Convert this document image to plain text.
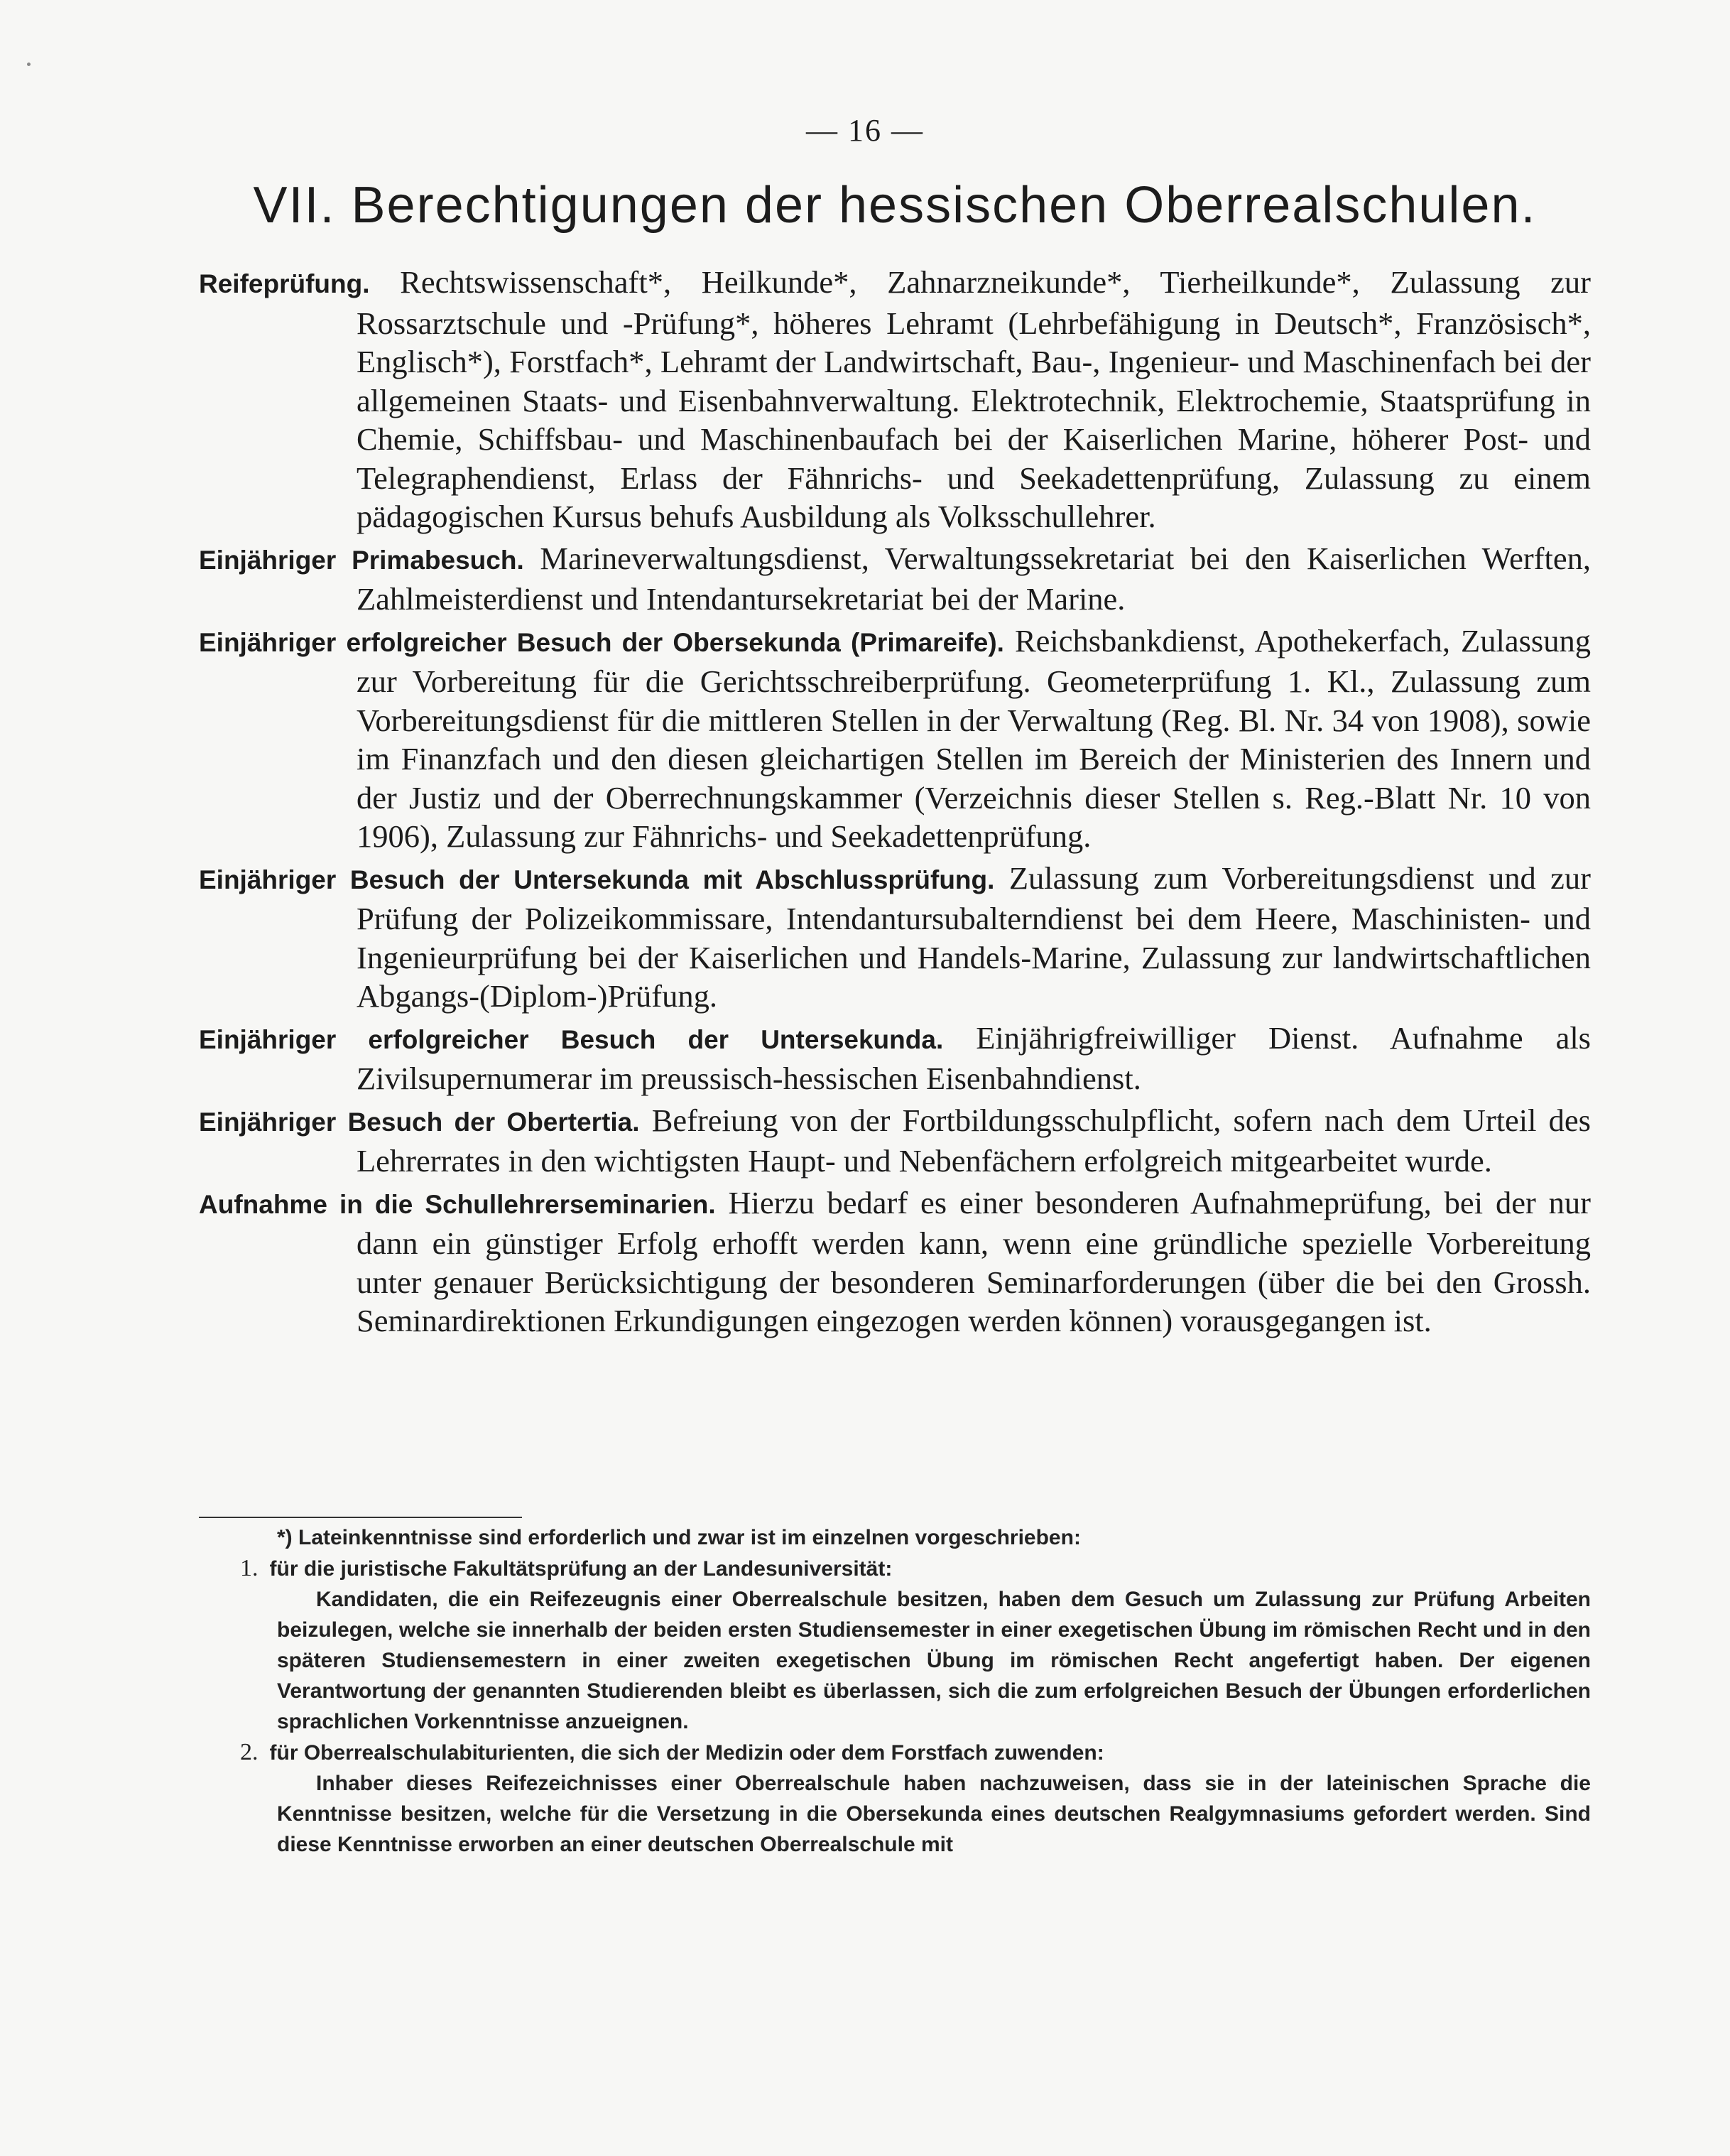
— 16 —
VII. Berechtigungen der hessischen Oberrealschulen.

Reifeprüfung. Rechtswissenschaft*, Heilkunde*, Zahnarzneikunde*, Tierheilkunde*, Zulassung zur Rossarztschule und -Prüfung*, höheres Lehramt (Lehrbefähigung in Deutsch*, Französisch*, Englisch*), Forstfach*, Lehramt der Landwirtschaft, Bau-, Ingenieur- und Maschinenfach bei der allgemeinen Staats- und Eisenbahnverwaltung. Elektrotechnik, Elektrochemie, Staatsprüfung in Chemie, Schiffsbau- und Maschinenbaufach bei der Kaiserlichen Marine, höherer Post- und Telegraphendienst, Erlass der Fähnrichs- und Seekadettenprüfung, Zulassung zu einem pädagogischen Kursus behufs Ausbildung als Volksschullehrer.

Einjähriger Primabesuch. Marineverwaltungsdienst, Verwaltungssekretariat bei den Kaiserlichen Werften, Zahlmeisterdienst und Intendantursekretariat bei der Marine.

Einjähriger erfolgreicher Besuch der Obersekunda (Primareife). Reichsbankdienst, Apothekerfach, Zulassung zur Vorbereitung für die Gerichtsschreiberprüfung. Geometerprüfung 1. Kl., Zulassung zum Vorbereitungsdienst für die mittleren Stellen in der Verwaltung (Reg. Bl. Nr. 34 von 1908), sowie im Finanzfach und den diesen gleichartigen Stellen im Bereich der Ministerien des Innern und der Justiz und der Oberrechnungskammer (Verzeichnis dieser Stellen s. Reg.-Blatt Nr. 10 von 1906), Zulassung zur Fähnrichs- und Seekadettenprüfung.

Einjähriger Besuch der Untersekunda mit Abschlussprüfung. Zulassung zum Vorbereitungsdienst und zur Prüfung der Polizeikommissare, Intendantursubalterndienst bei dem Heere, Maschinisten- und Ingenieurprüfung bei der Kaiserlichen und Handels-Marine, Zulassung zur landwirtschaftlichen Abgangs-(Diplom-)Prüfung.

Einjähriger erfolgreicher Besuch der Untersekunda. Einjährigfreiwilliger Dienst. Aufnahme als Zivilsupernumerar im preussisch-hessischen Eisenbahndienst.

Einjähriger Besuch der Obertertia. Befreiung von der Fortbildungsschulpflicht, sofern nach dem Urteil des Lehrerrates in den wichtigsten Haupt- und Nebenfächern erfolgreich mitgearbeitet wurde.

Aufnahme in die Schullehrerseminarien. Hierzu bedarf es einer besonderen Aufnahmeprüfung, bei der nur dann ein günstiger Erfolg erhofft werden kann, wenn eine gründliche spezielle Vorbereitung unter genauer Berücksichtigung der besonderen Seminarforderungen (über die bei den Grossh. Seminardirektionen Erkundigungen eingezogen werden können) vorausgegangen ist.

*) Lateinkenntnisse sind erforderlich und zwar ist im einzelnen vorgeschrieben:

1. für die juristische Fakultätsprüfung an der Landesuniversität:

Kandidaten, die ein Reifezeugnis einer Oberrealschule besitzen, haben dem Gesuch um Zulassung zur Prüfung Arbeiten beizulegen, welche sie innerhalb der beiden ersten Studiensemester in einer exegetischen Übung im römischen Recht und in den späteren Studiensemestern in einer zweiten exegetischen Übung im römischen Recht angefertigt haben. Der eigenen Verantwortung der genannten Studierenden bleibt es überlassen, sich die zum erfolgreichen Besuch der Übungen erforderlichen sprachlichen Vorkenntnisse anzueignen.

2. für Oberrealschulabiturienten, die sich der Medizin oder dem Forstfach zuwenden:

Inhaber dieses Reifezeichnisses einer Oberrealschule haben nachzuweisen, dass sie in der lateinischen Sprache die Kenntnisse besitzen, welche für die Versetzung in die Obersekunda eines deutschen Realgymnasiums gefordert werden. Sind diese Kenntnisse erworben an einer deutschen Oberrealschule mit
